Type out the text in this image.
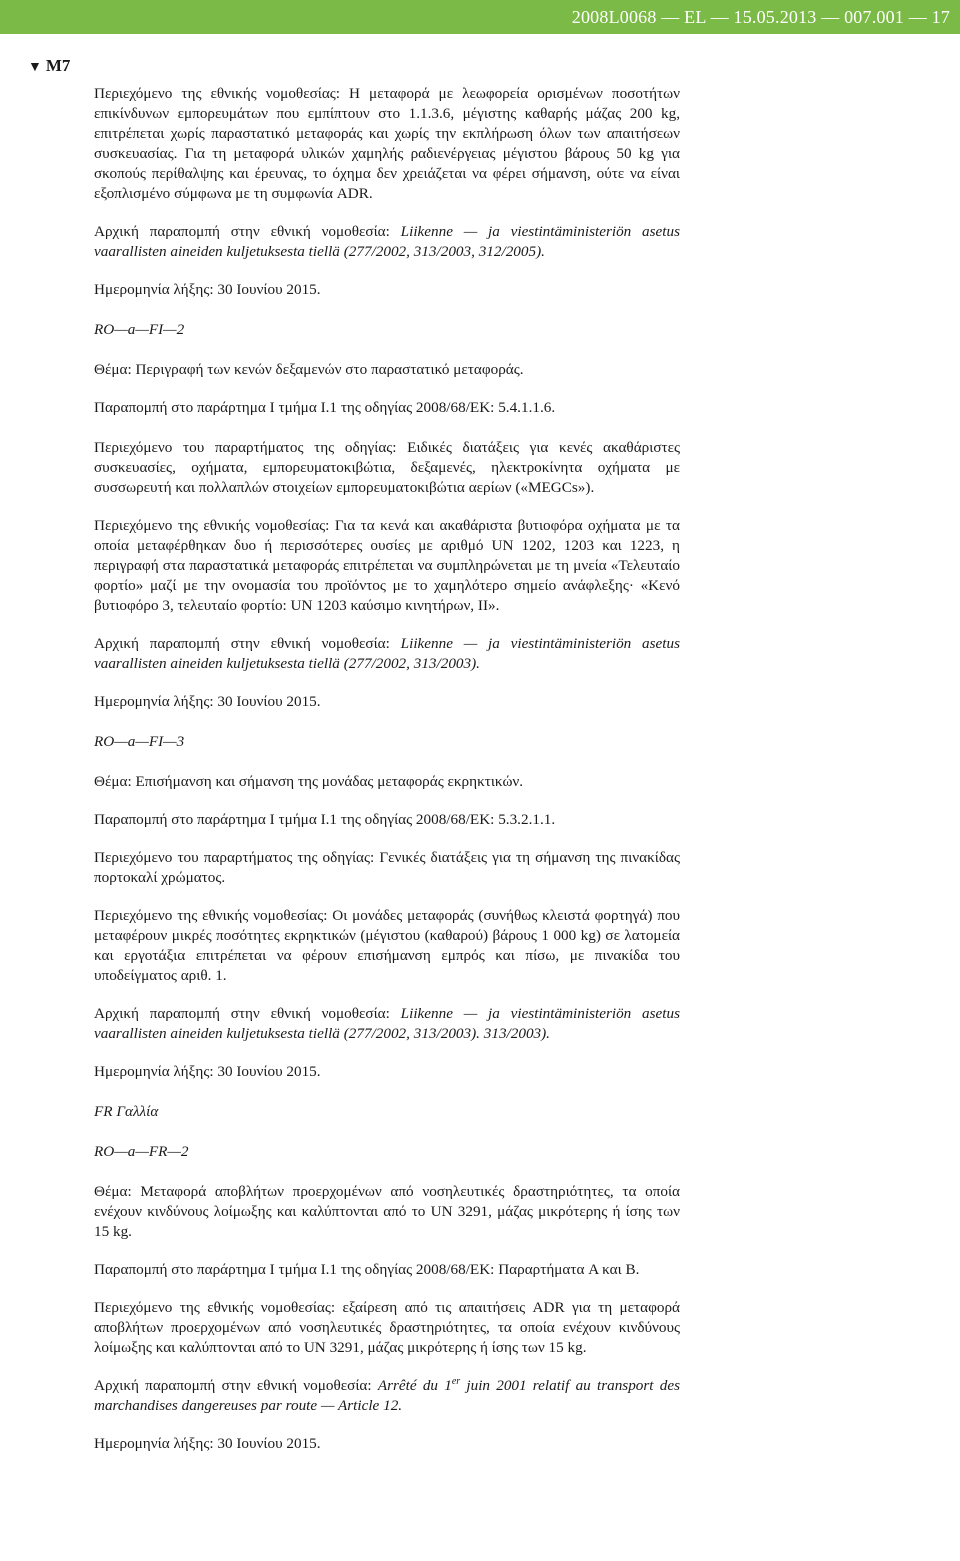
2008L0068 — EL — 15.05.2013 — 007.001 — 17
▼ M7

Περιεχόμενο της εθνικής νομοθεσίας: Η μεταφορά με λεωφορεία ορισμένων ποσοτήτων επικίνδυνων εμπορευμάτων που εμπίπτουν στο 1.1.3.6, μέγιστης καθαρής μάζας 200 kg, επιτρέπεται χωρίς παραστατικό μεταφοράς και χωρίς την εκπλήρωση όλων των απαιτήσεων συσκευασίας. Για τη μεταφορά υλικών χαμηλής ραδιενέργειας μέγιστου βάρους 50 kg για σκοπούς περίθαλψης και έρευνας, το όχημα δεν χρειάζεται να φέρει σήμανση, ούτε να είναι εξοπλισμένο σύμφωνα με τη συμφωνία ADR.

Αρχική παραπομπή στην εθνική νομοθεσία: Liikenne — ja viestintäministeriön asetus vaarallisten aineiden kuljetuksesta tiellä (277/2002, 313/2003, 312/2005).

Ημερομηνία λήξης: 30 Ιουνίου 2015.

RO—a—FI—2

Θέμα: Περιγραφή των κενών δεξαμενών στο παραστατικό μεταφοράς.

Παραπομπή στο παράρτημα I τμήμα I.1 της οδηγίας 2008/68/ΕΚ: 5.4.1.1.6.

Περιεχόμενο του παραρτήματος της οδηγίας: Ειδικές διατάξεις για κενές ακαθάριστες συσκευασίες, οχήματα, εμπορευματοκιβώτια, δεξαμενές, ηλεκτροκίνητα οχήματα με συσσωρευτή και πολλαπλών στοιχείων εμπορευματοκιβώτια αερίων («MEGCs»).

Περιεχόμενο της εθνικής νομοθεσίας: Για τα κενά και ακαθάριστα βυτιοφόρα οχήματα με τα οποία μεταφέρθηκαν δυο ή περισσότερες ουσίες με αριθμό UN 1202, 1203 και 1223, η περιγραφή στα παραστατικά μεταφοράς επιτρέπεται να συμπληρώνεται με τη μνεία «Τελευταίο φορτίο» μαζί με την ονομασία του προϊόντος με το χαμηλότερο σημείο ανάφλεξης· «Κενό βυτιοφόρο 3, τελευταίο φορτίο: UN 1203 καύσιμο κινητήρων, II».

Αρχική παραπομπή στην εθνική νομοθεσία: Liikenne — ja viestintäministeriön asetus vaarallisten aineiden kuljetuksesta tiellä (277/2002, 313/2003).

Ημερομηνία λήξης: 30 Ιουνίου 2015.

RO—a—FI—3

Θέμα: Επισήμανση και σήμανση της μονάδας μεταφοράς εκρηκτικών.

Παραπομπή στο παράρτημα I τμήμα I.1 της οδηγίας 2008/68/ΕΚ: 5.3.2.1.1.

Περιεχόμενο του παραρτήματος της οδηγίας: Γενικές διατάξεις για τη σήμανση της πινακίδας πορτοκαλί χρώματος.

Περιεχόμενο της εθνικής νομοθεσίας: Οι μονάδες μεταφοράς (συνήθως κλειστά φορτηγά) που μεταφέρουν μικρές ποσότητες εκρηκτικών (μέγιστου (καθαρού) βάρους 1 000 kg) σε λατομεία και εργοτάξια επιτρέπεται να φέρουν επισήμανση εμπρός και πίσω, με πινακίδα του υποδείγματος αριθ. 1.

Αρχική παραπομπή στην εθνική νομοθεσία: Liikenne — ja viestintäministeriön asetus vaarallisten aineiden kuljetuksesta tiellä (277/2002, 313/2003). 313/2003).

Ημερομηνία λήξης: 30 Ιουνίου 2015.

FR Γαλλία

RO—a—FR—2

Θέμα: Μεταφορά αποβλήτων προερχομένων από νοσηλευτικές δραστηριότητες, τα οποία ενέχουν κινδύνους λοίμωξης και καλύπτονται από το UN 3291, μάζας μικρότερης ή ίσης των 15 kg.

Παραπομπή στο παράρτημα I τμήμα I.1 της οδηγίας 2008/68/ΕΚ: Παραρτήματα A και B.

Περιεχόμενο της εθνικής νομοθεσίας: εξαίρεση από τις απαιτήσεις ADR για τη μεταφορά αποβλήτων προερχομένων από νοσηλευτικές δραστηριότητες, τα οποία ενέχουν κινδύνους λοίμωξης και καλύπτονται από το UN 3291, μάζας μικρότερης ή ίσης των 15 kg.

Αρχική παραπομπή στην εθνική νομοθεσία: Arrêté du 1er juin 2001 relatif au transport des marchandises dangereuses par route — Article 12.

Ημερομηνία λήξης: 30 Ιουνίου 2015.
